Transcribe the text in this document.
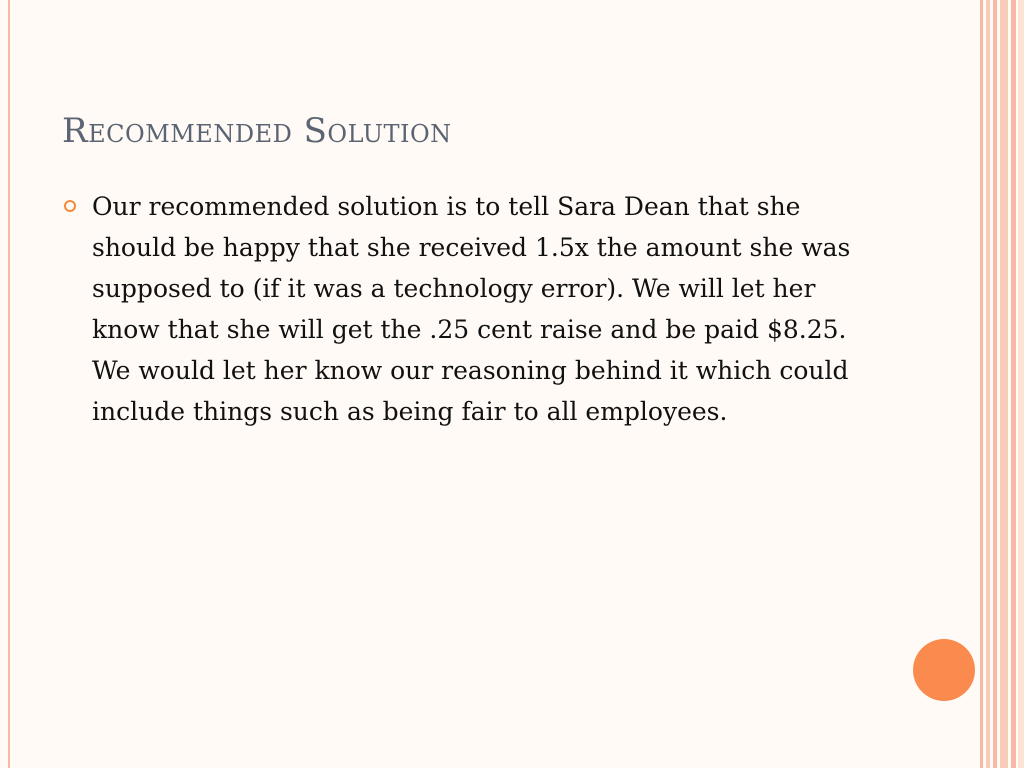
Recommended Solution

Our recommended solution is to tell Sara Dean that she should be happy that she received 1.5x the amount she was supposed to (if it was a technology error). We will let her know that she will get the .25 cent raise and be paid $8.25. We would let her know our reasoning behind it which could include things such as being fair to all employees.
